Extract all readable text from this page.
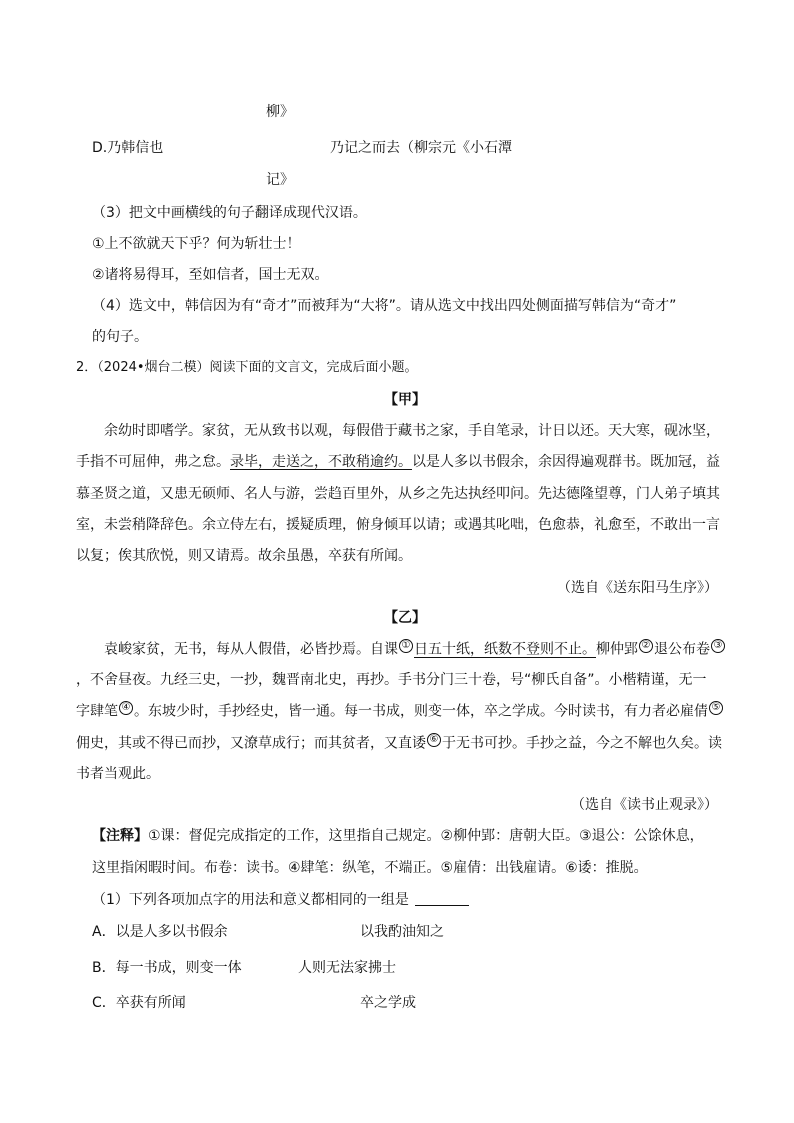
柳》
D.乃韩信也	乃记之而去（柳宗元《小石潭
记》
（3）把文中画横线的句子翻译成现代汉语。
①上不欲就天下乎？何为斩壮士！
②诸将易得耳，至如信者，国士无双。
（4）选文中，韩信因为有“奇才”而被拜为“大将”。请从选文中找出四处侧面描写韩信为“奇才”
的句子。
2．（2024•烟台二模）阅读下面的文言文，完成后面小题。
【甲】
余幼时即嗜学。家贫，无从致书以观，每假借于藏书之家，手自笔录，计日以还。天大寒，砚冰坚，
手指不可屈伸，弗之怠。录毕，走送之，不敢稍逾约。以是人多以书假余，余因得遍观群书。既加冠，益
慕圣贤之道，又患无硕师、名人与游，尝趋百里外，从乡之先达执经叩问。先达德隆望尊，门人弟子填其
室，未尝稍降辞色。余立侍左右，援疑质理，俯身倾耳以请；或遇其叱咄，色愈恭，礼愈至，不敢出一言
以复；俟其欣悦，则又请焉。故余虽愚，卒获有所闻。
（选自《送东阳马生序》）
【乙】
袁峻家贫，无书，每从人假借，必皆抄焉。自课 ① 日五十纸，纸数不登则不止。柳仲郢 ② 退公布卷 ③
，不舍昼夜。九经三史，一抄，魏晋南北史，再抄。手书分门三十卷，号“柳氏自备”。小楷精谨，无一
字肆笔 ④ 。东坡少时，手抄经史，皆一通。每一书成，则变一体，卒之学成。今时读书，有力者必雇倩 ⑤
佣史，其或不得已而抄，又潦草成行；而其贫者，又直诿 ⑥ 于无书可抄。手抄之益，今之不解也久矣。读
书者当观此。
（选自《读书止观录》）
【注释】①课：督促完成指定的工作，这里指自己规定。②柳仲郢：唐朝大臣。③退公：公馀休息，
这里指闲暇时间。布卷：读书。④肆笔：纵笔，不端正。⑤雇倩：出钱雇请。⑥诿：推脱。
（1）下列各项加点字的用法和意义都相同的一组是
A．以是人多以书假余	以我酌油知之
B．每一书成，则变一体	人则无法家拂士
C．卒获有所闻	卒之学成
